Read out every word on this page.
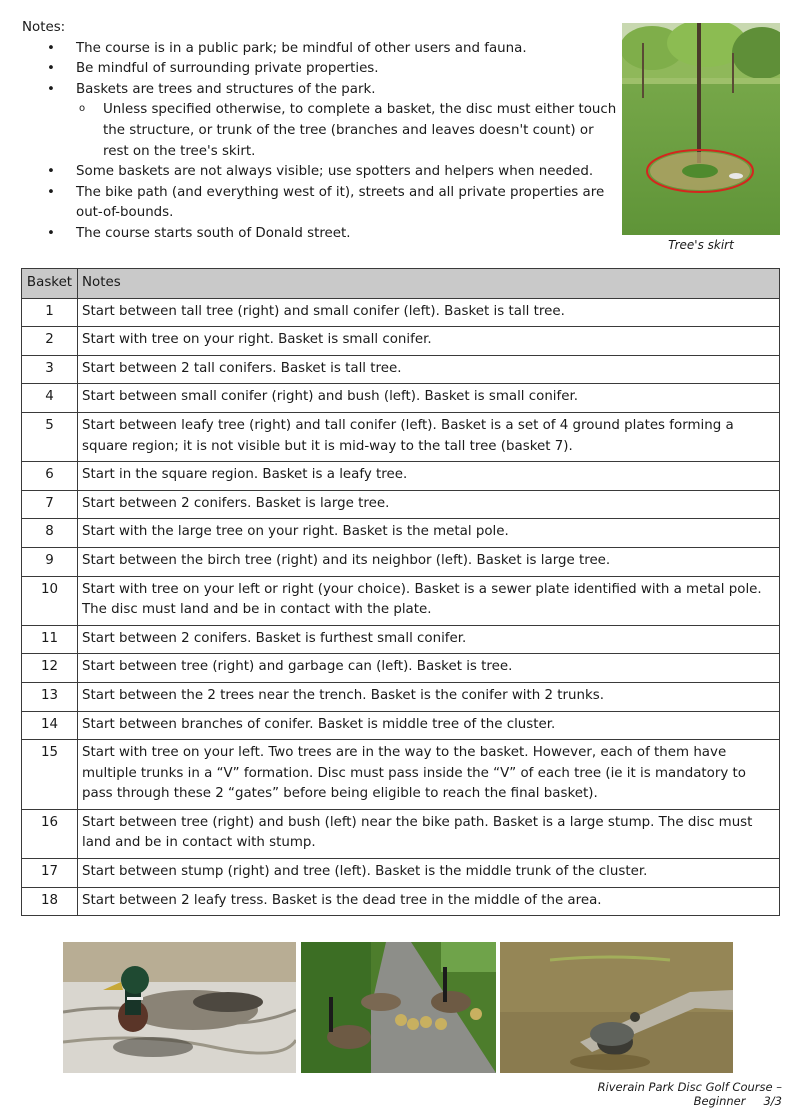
Notes:

• The course is in a public park; be mindful of other users and fauna.
• Be mindful of surrounding private properties.
• Baskets are trees and structures of the park.
o Unless specified otherwise, to complete a basket, the disc must either touch the structure, or trunk of the tree (branches and leaves doesn't count) or rest on the tree's skirt.
• Some baskets are not always visible; use spotters and helpers when needed.
• The bike path (and everything west of it), streets and all private properties are out-of-bounds.
• The course starts south of Donald street.
Tree's skirt
Basket	Notes
1	Start between tall tree (right) and small conifer (left). Basket is tall tree.
2	Start with tree on your right. Basket is small conifer.
3	Start between 2 tall conifers. Basket is tall tree.
4	Start between small conifer (right) and bush (left). Basket is small conifer.
5	Start between leafy tree (right) and tall conifer (left). Basket is a set of 4 ground plates forming a square region; it is not visible but it is mid-way to the tall tree (basket 7).
6	Start in the square region. Basket is a leafy tree.
7	Start between 2 conifers. Basket is large tree.
8	Start with the large tree on your right. Basket is the metal pole.
9	Start between the birch tree (right) and its neighbor (left). Basket is large tree.
10	Start with tree on your left or right (your choice). Basket is a sewer plate identified with a metal pole. The disc must land and be in contact with the plate.
11	Start between 2 conifers. Basket is furthest small conifer.
12	Start between tree (right) and garbage can (left). Basket is tree.
13	Start between the 2 trees near the trench. Basket is the conifer with 2 trunks.
14	Start between branches of conifer. Basket is middle tree of the cluster.
15	Start with tree on your left. Two trees are in the way to the basket. However, each of them have multiple trunks in a “V” formation. Disc must pass inside the “V” of each tree (ie it is mandatory to pass through these 2 “gates” before being eligible to reach the final basket).
16	Start between tree (right) and bush (left) near the bike path. Basket is a large stump. The disc must land and be in contact with stump.
17	Start between stump (right) and tree (left). Basket is the middle trunk of the cluster.
18	Start between 2 leafy tress. Basket is the dead tree in the middle of the area.
Riverain Park Disc Golf Course – Beginner 3/3
